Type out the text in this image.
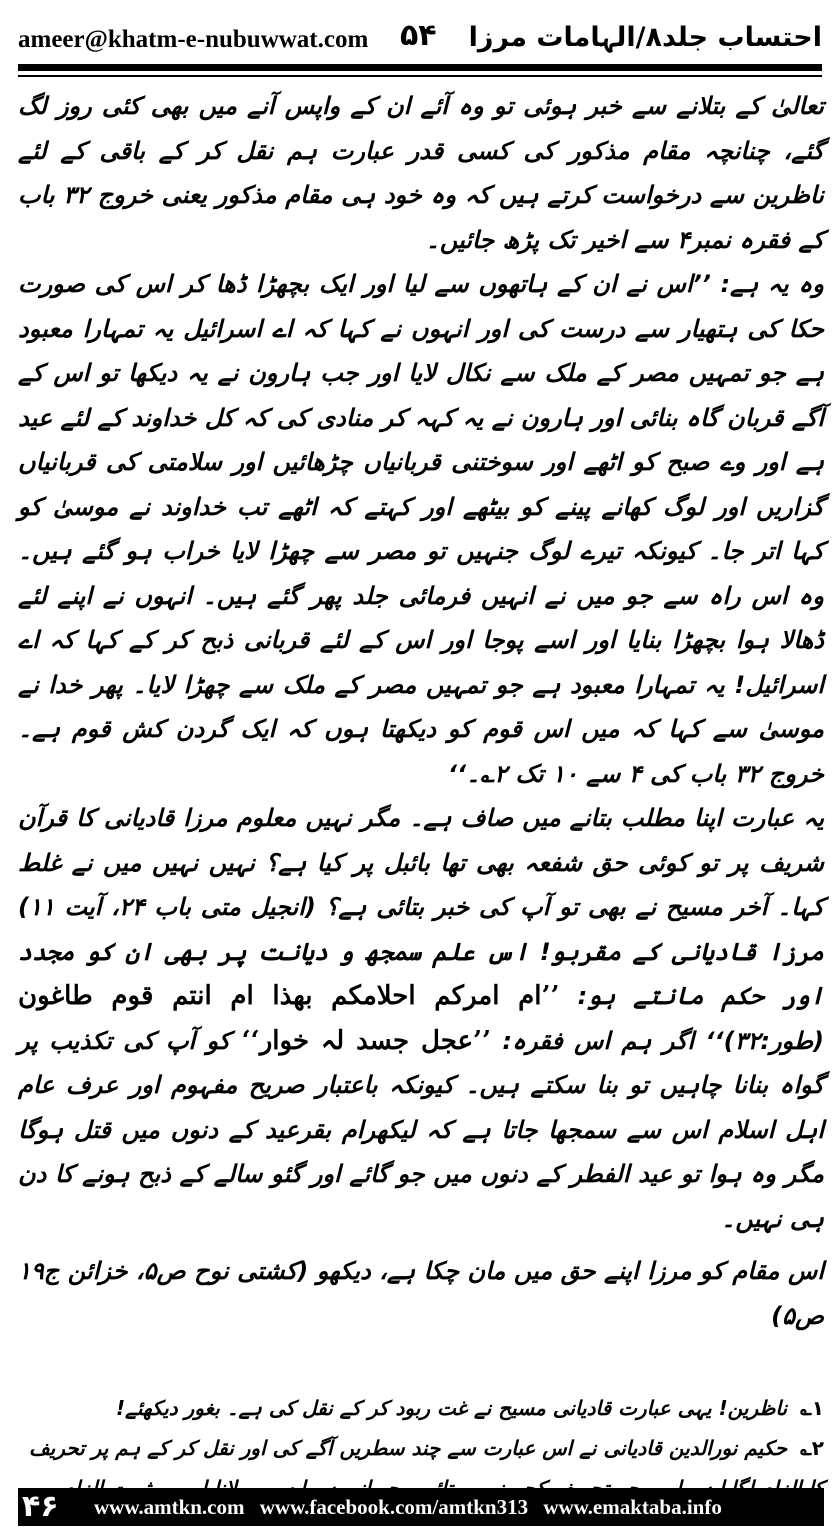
ameer@khatm-e-nubuwwat.com ۵۴ احتساب جلد۸/الہامات مرزا

تعالیٰ کے بتلانے سے خبر ہوئی تو وہ آئے ان کے واپس آنے میں بھی کئی روز لگ گئے، چنانچہ مقام مذکور کی کسی قدر عبارت ہم نقل کر کے باقی کے لئے ناظرین سے درخواست کرتے ہیں کہ وہ خود ہی مقام مذکور یعنی خروج ۳۲ باب کے فقرہ نمبر۴ سے اخیر تک پڑھ جائیں۔

وہ یہ ہے: ’’اس نے ان کے ہاتھوں سے لیا اور ایک بچھڑا ڈھا کر اس کی صورت حکا کی ہتھیار سے درست کی اور انہوں نے کہا کہ اے اسرائیل یہ تمہارا معبود ہے جو تمہیں مصر کے ملک سے نکال لایا اور جب ہارون نے یہ دیکھا تو اس کے آگے قربان گاہ بنائی اور ہارون نے یہ کہہ کر منادی کی کہ کل خداوند کے لئے عید ہے اور وے صبح کو اٹھے اور سوختنی قربانیاں چڑھائیں اور سلامتی کی قربانیاں گزاریں اور لوگ کھانے پینے کو بیٹھے اور کہتے کہ اٹھے تب خداوند نے موسیٰ کو کہا اتر جا۔ کیونکہ تیرے لوگ جنہیں تو مصر سے چھڑا لایا خراب ہو گئے ہیں۔ وہ اس راہ سے جو میں نے انہیں فرمائی جلد پھر گئے ہیں۔ انہوں نے اپنے لئے ڈھالا ہوا بچھڑا بنایا اور اسے پوجا اور اس کے لئے قربانی ذبح کر کے کہا کہ اے اسرائیل! یہ تمہارا معبود ہے جو تمہیں مصر کے ملک سے چھڑا لایا۔ پھر خدا نے موسیٰ سے کہا کہ میں اس قوم کو دیکھتا ہوں کہ ایک گردن کش قوم ہے۔ خروج ۳۲ باب کی ۴ سے ۱۰ تک ۲؎۔‘‘

یہ عبارت اپنا مطلب بتانے میں صاف ہے۔ مگر نہیں معلوم مرزا قادیانی کا قرآن شریف پر تو کوئی حق شفعہ بھی تھا بائبل پر کیا ہے؟ نہیں نہیں میں نے غلط کہا۔ آخر مسیح نے بھی تو آپ کی خبر بتائی ہے؟ (انجیل متی باب ۲۴، آیت ۱۱) مرزا قادیانی کے مقربو! اس علم سمجھ و دیانت پر بھی ان کو مجدد اور حکم مانتے ہو: ’’ام امرکم احلامکم بھذا ام انتم قوم طاغون (طور:۳۲)‘‘ اگر ہم اس فقرہ: ’’عجل جسد لہ خوار‘‘ کو آپ کی تکذیب پر گواہ بنانا چاہیں تو بنا سکتے ہیں۔ کیونکہ باعتبار صریح مفہوم اور عرف عام اہل اسلام اس سے سمجھا جاتا ہے کہ لیکھرام بقرعید کے دنوں میں قتل ہوگا مگر وہ ہوا تو عید الفطر کے دنوں میں جو گائے اور گئو سالے کے ذبح ہونے کا دن ہی نہیں۔

اس مقام کو مرزا اپنے حق میں مان چکا ہے، دیکھو (کشتی نوح ص۵، خزائن ج۱۹ ص۵)

۱؎ ناظرین! یہی عبارت قادیانی مسیح نے غت ربود کر کے نقل کی ہے۔ بغور دیکھئے!

۲؎ حکیم نورالدین قادیانی نے اس عبارت سے چند سطریں آگے کی اور نقل کر کے ہم پر تحریف

۴۶ www.amtkn.com www.facebook.com/amtkn313 www.emaktaba.info
